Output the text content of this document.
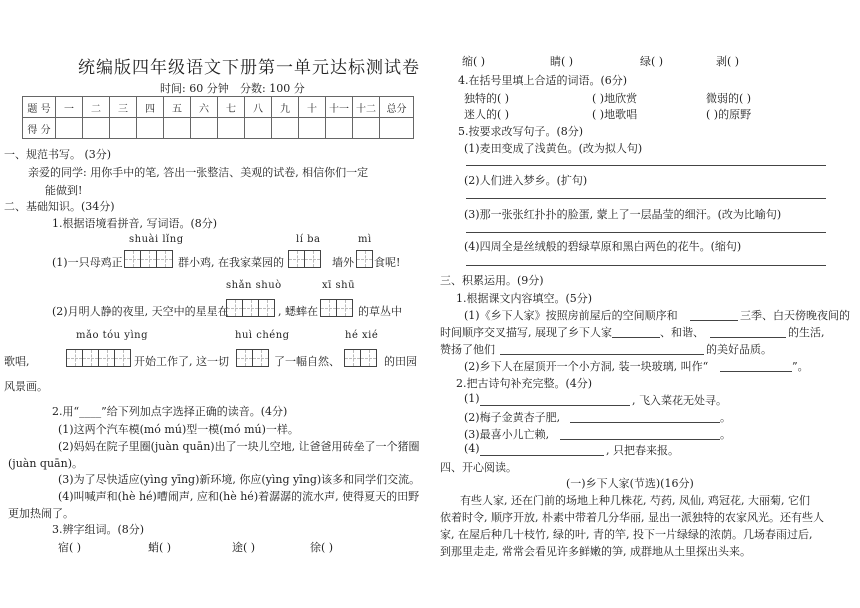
统编版四年级语文下册第一单元达标测试卷
时间: 60 分钟 分数: 100 分
题 号	一	二	三	四	五	六	七	八	九	十	十一	十二	总分
得 分													
一、规范书写。 (3分)
亲爱的同学: 用你手中的笔, 答出一张整洁、美观的试卷, 相信你们一定
能做到!
二、基础知识。(34分)
1.根据语境看拼音, 写词语。(8分)
shuài lǐng	lí ba	mì
(1)一只母鸡正	群小鸡, 在我家菜园的	墙外 食呢!
shǎn shuò	xī shū
(2)月明人静的夜里, 天空中的星星在	, 蟋蟀在	的草丛中
mǎo tóu yìng	huì chéng	hé xié
歌唱,	开始工作了, 这一切	了一幅自然、	的田园
风景画。
2.用“____”给下列加点字选择正确的读音。(4分)
(1)这两个汽车模(mó mú)型一模(mó mú)一样。
(2)妈妈在院子里圈(juàn quān)出了一块儿空地, 让爸爸用砖垒了一个猪圈
(juàn quān)。
(3)为了尽快适应(yìng yīng)新环境, 你应(yìng yīng)该多和同学们交流。
(4)叫喊声和(hè hé)嘈闹声, 应和(hè hé)着潺潺的流水声, 使得夏天的田野
更加热闹了。
3.辨字组词。(8分)
宿( )	蛸( )	途( )	徐( )
缩( )	睛( )	绿( )	剥( )
4.在括号里填上合适的词语。(6分)
独特的( )	( )地欣赏	微弱的( )
迷人的( )	( )地歌唱	( )的原野
5.按要求改写句子。(8分)
(1)麦田变成了浅黄色。(改为拟人句)
(2)人们进入梦乡。(扩句)
(3)那一张张红扑扑的脸蛋, 蒙上了一层晶莹的细汗。(改为比喻句)
(4)四周全是丝绒般的碧绿草原和黑白两色的花牛。(缩句)
三、积累运用。(9分)
1.根据课文内容填空。(5分)
(1)《乡下人家》按照房前屋后的空间顺序和	三季、白天傍晚夜间的
时间顺序交叉描写, 展现了乡下人家	、和谐、	的生活,
赞扬了他们	的美好品质。
(2)乡下人在屋顶开一个小方洞, 装一块玻璃, 叫作“	”。
2.把古诗句补充完整。(4分)
(1)	, 飞入菜花无处寻。
(2)梅子金黄杏子肥,	。
(3)最喜小儿亡赖,	。
(4)	, 只把春来报。
四、开心阅读。
(一)乡下人家(节选)(16分)
有些人家, 还在门前的场地上种几株花, 芍药, 凤仙, 鸡冠花, 大丽菊, 它们
依着时令, 顺序开放, 朴素中带着几分华丽, 显出一派独特的农家风光。还有些人
家, 在屋后种几十枝竹, 绿的叶, 青的竿, 投下一片绿绿的浓荫。几场春雨过后,
到那里走走, 常常会看见许多鲜嫩的笋, 成群地从土里探出头来。
